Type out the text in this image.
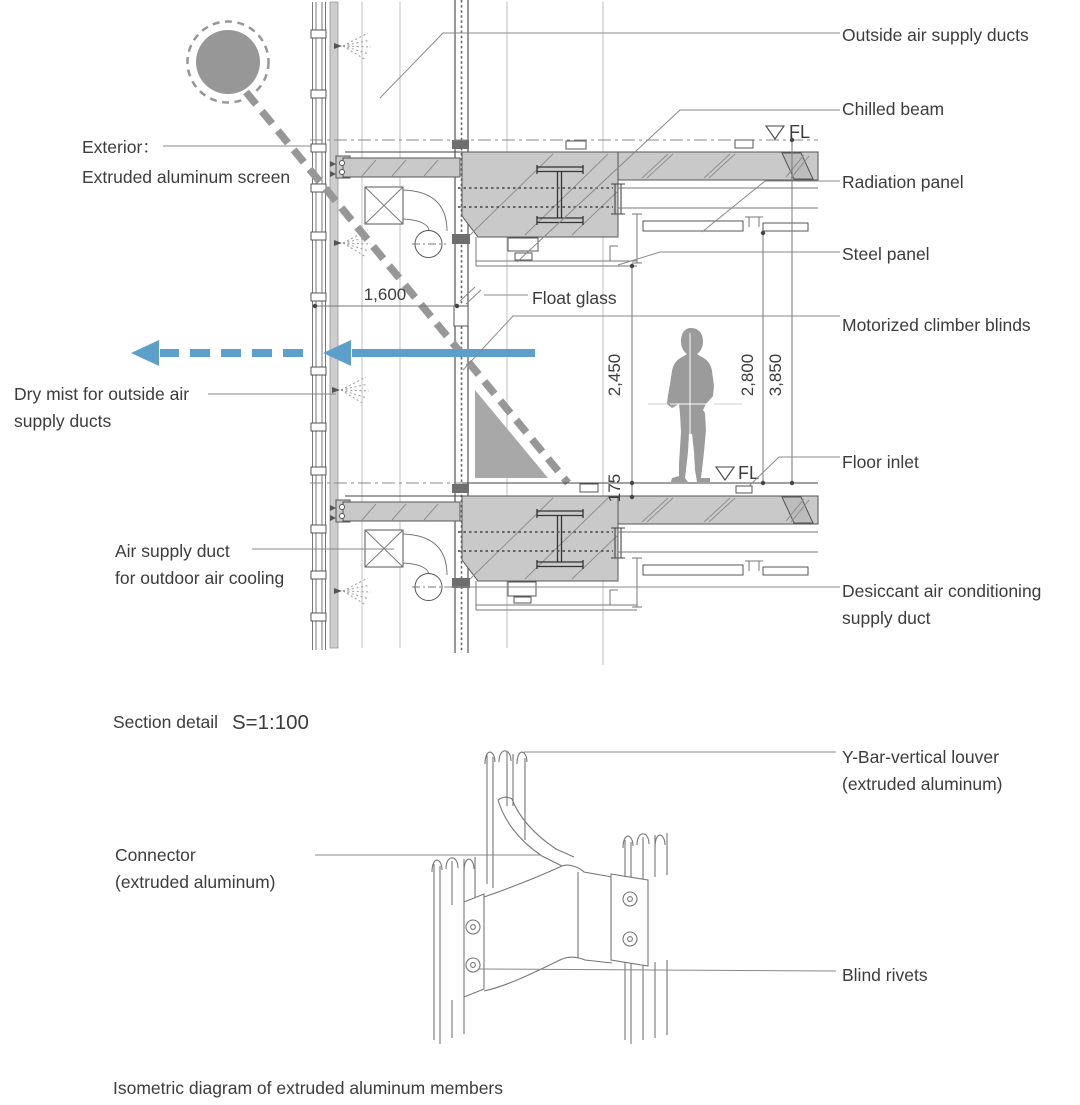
1,600
2,450
175
2,800 3,850
FL
FL
Exterior：
Extruded aluminum screen
Dry mist for outside air
supply ducts
Air supply duct
for outdoor air cooling
Outside air supply ducts
Chilled beam
Radiation panel
Steel panel
Motorized climber blinds
Floor inlet
Desiccant air conditioning
supply duct
Float glass
Section detail S=1:100
Y-Bar-vertical louver
(extruded aluminum)
Connector
(extruded aluminum)
Blind rivets
Isometric diagram of extruded aluminum members
